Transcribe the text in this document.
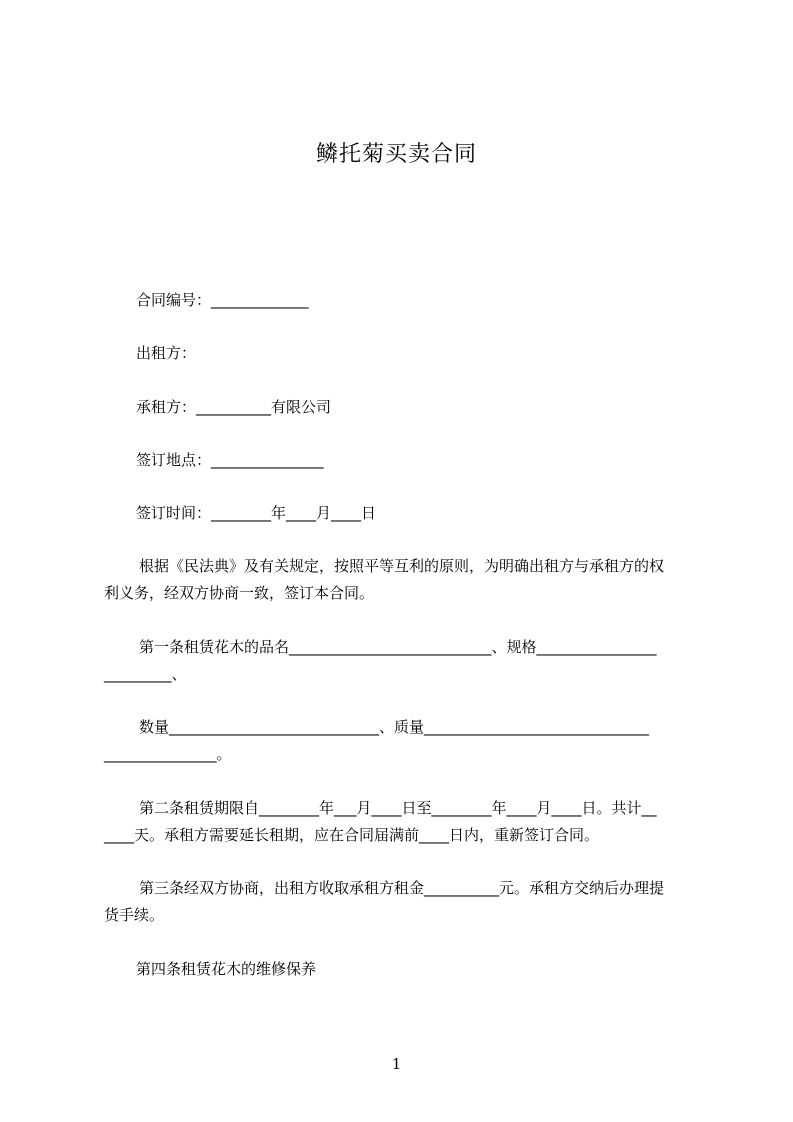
鳞托菊买卖合同
合同编号：_____________
出租方：
承租方：__________有限公司
签订地点：_______________
签订时间：________年____月____日
根据《民法典》及有关规定，按照平等互利的原则，为明确出租方与承租方的权
利义务，经双方协商一致，签订本合同。
第一条租赁花木的品名___________________________、规格________________
_________、
数量____________________________、质量______________________________
_______________。
第二条租赁期限自________年___月____日至________年____月____日。共计__
____天。承租方需要延长租期，应在合同届满前____日内，重新签订合同。
第三条经双方协商，出租方收取承租方租金__________元。承租方交纳后办理提
货手续。
第四条租赁花木的维修保养
1
